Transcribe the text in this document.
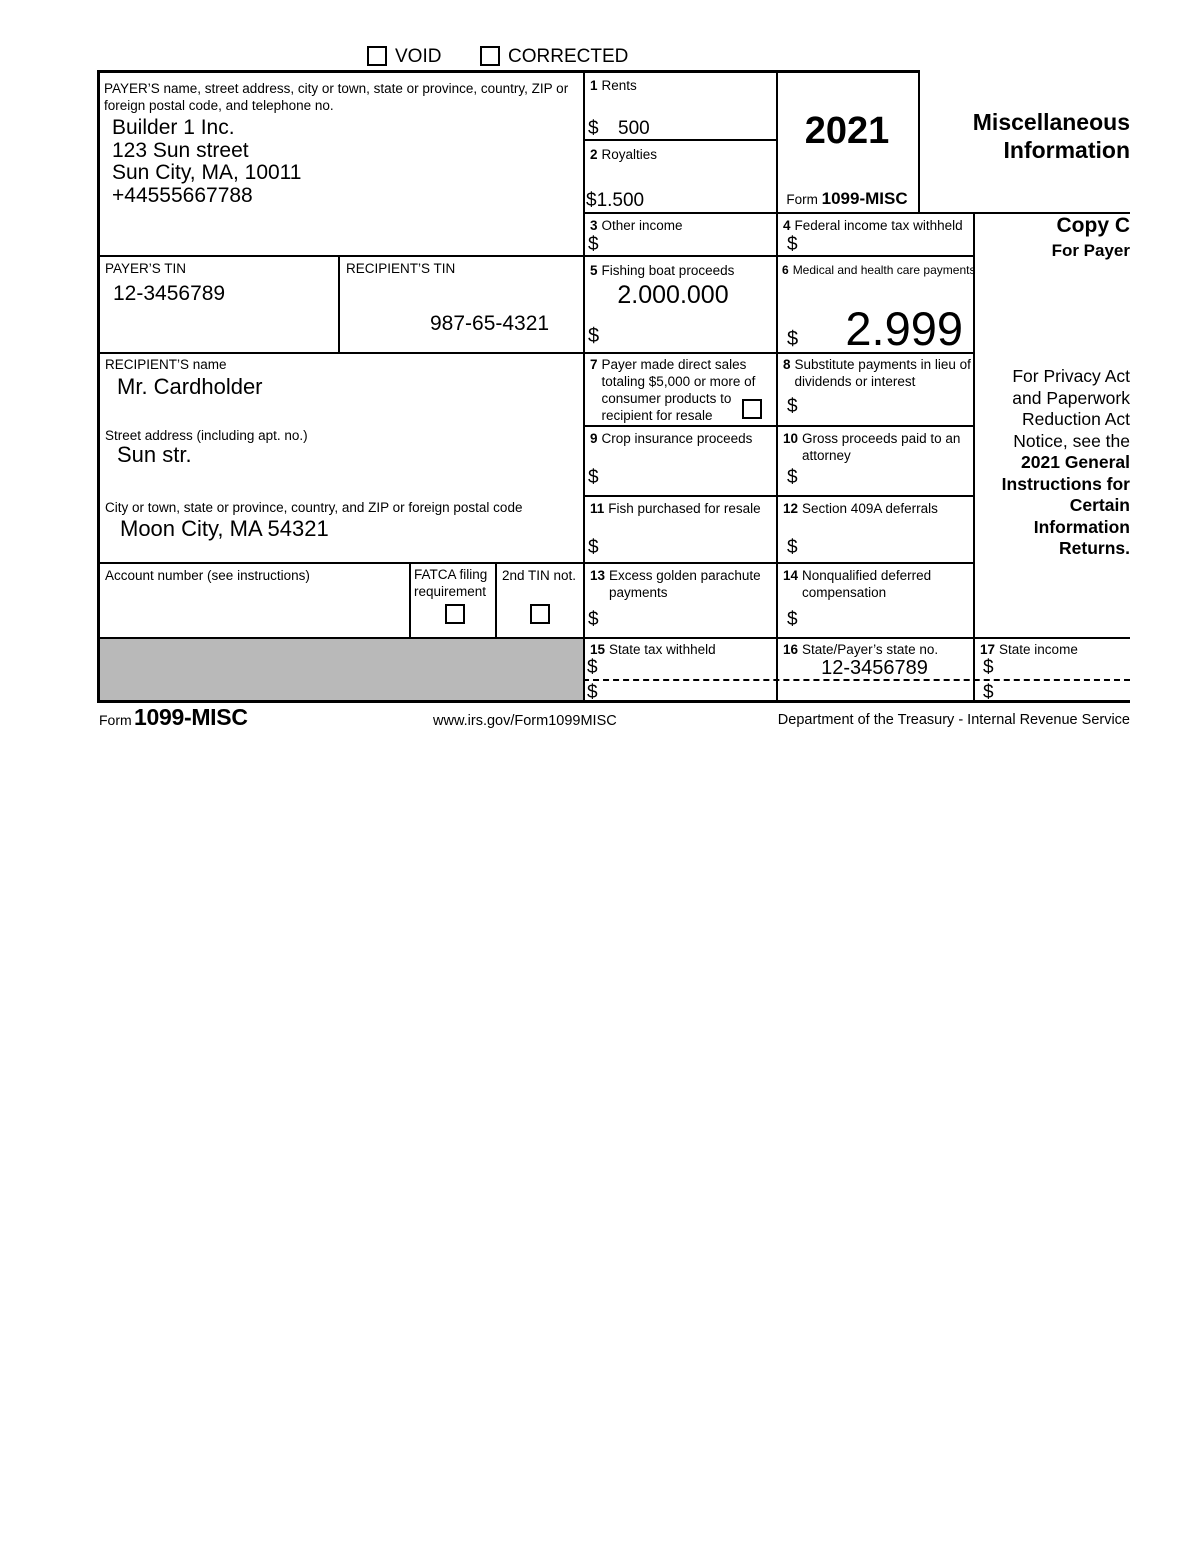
VOID	CORRECTED
PAYER’S name, street address, city or town, state or province, country, ZIP or foreign postal code, and telephone no.
Builder 1 Inc.
123 Sun street
Sun City, MA, 10011
+44555667788
PAYER’S TIN
12-3456789
RECIPIENT’S TIN
987-65-4321
RECIPIENT’S name
Mr. Cardholder
Street address (including apt. no.)
Sun str.
City or town, state or province, country, and ZIP or foreign postal code
Moon City, MA 54321
Account number (see instructions)	FATCA filing requirement
2nd TIN not.
1 Rents
$ 500
2 Royalties
$1.500
2021
Form 1099-MISC
Miscellaneous
Information
Copy C
For Payer
3 Other income
$
4 Federal income tax withheld
$
5 Fishing boat proceeds
2.000.000
$
6 Medical and health care payments
2.999
$
7 Payer made direct sales totaling $5,000 or more of consumer products to recipient for resale
8 Substitute payments in lieu of dividends or interest
$
9 Crop insurance proceeds
$
10 Gross proceeds paid to an attorney
$
11 Fish purchased for resale
$
12 Section 409A deferrals
$
13 Excess golden parachute payments
$
14 Nonqualified deferred compensation
$
15 State tax withheld
$
$
16 State/Payer’s state no.
12-3456789
17 State income
$
$
For Privacy Act
and Paperwork
Reduction Act
Notice, see the
2021 General
Instructions for
Certain
Information
Returns.
Form 1099-MISC	www.irs.gov/Form1099MISC	Department of the Treasury - Internal Revenue Service
